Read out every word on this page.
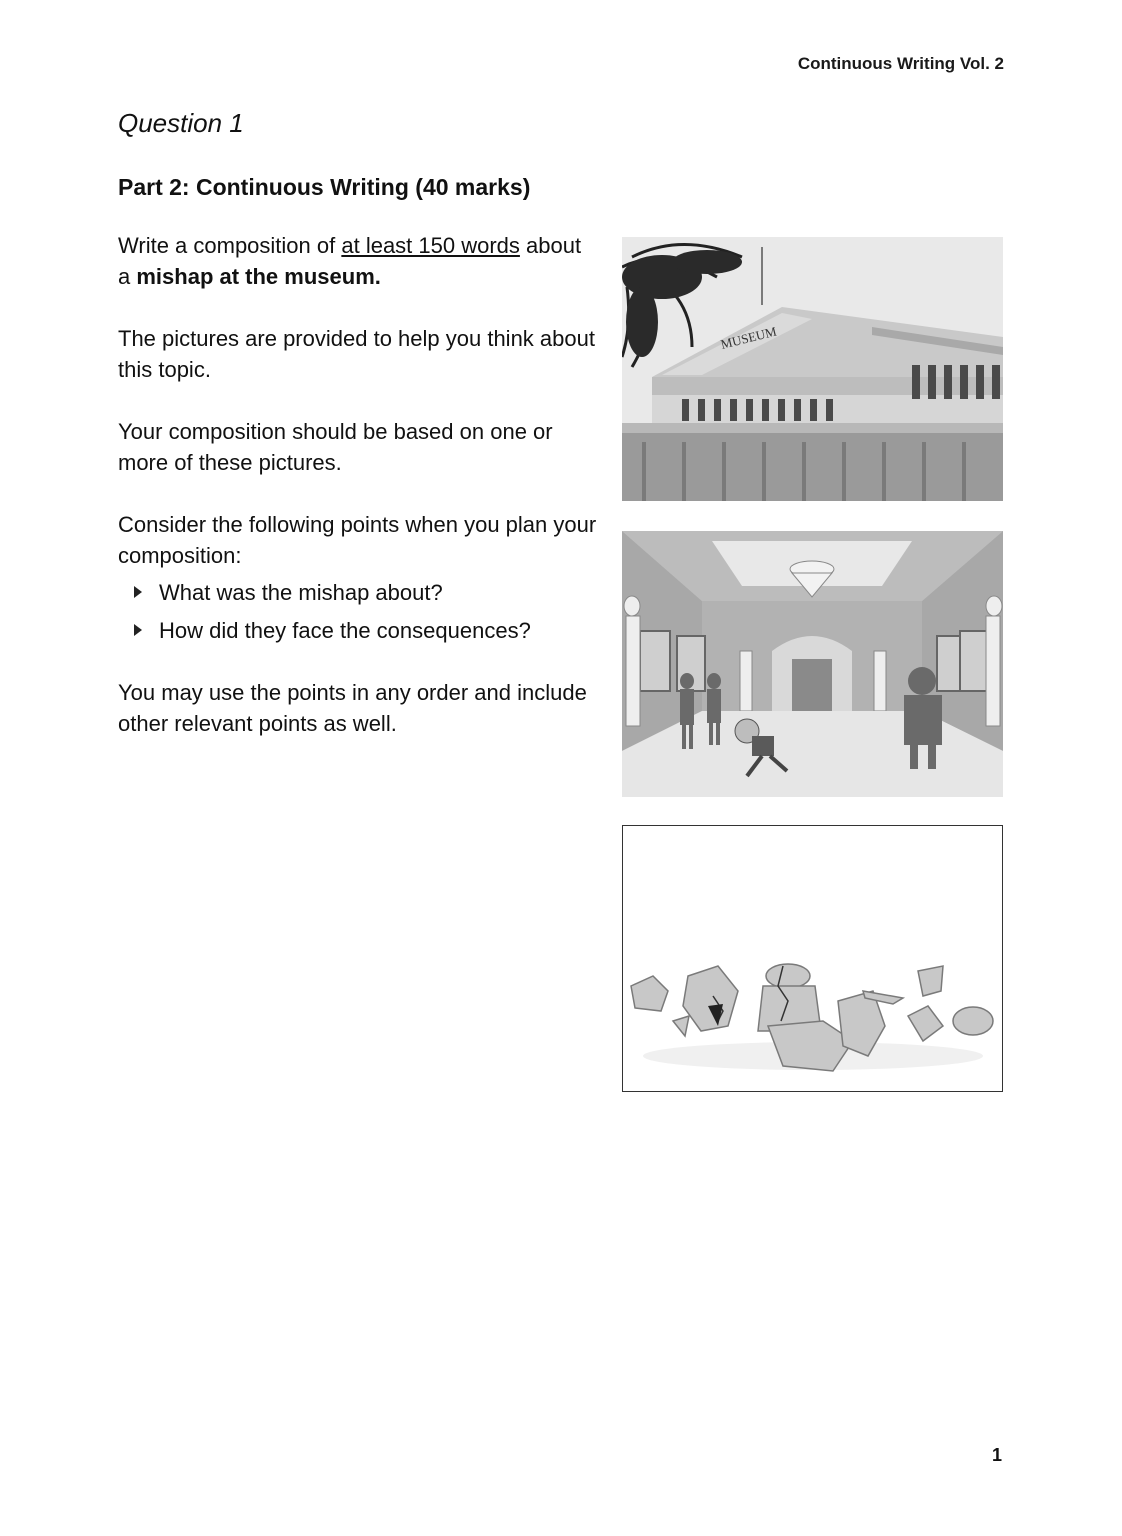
Continuous Writing Vol. 2
Question 1
Part 2: Continuous Writing (40 marks)

Write a composition of at least 150 words about a mishap at the museum.

The pictures are provided to help you think about this topic.

Your composition should be based on one or more of these pictures.

Consider the following points when you plan your composition:

What was the mishap about?
How did they face the consequences?

You may use the points in any order and include other relevant points as well.

MUSEUM
1
